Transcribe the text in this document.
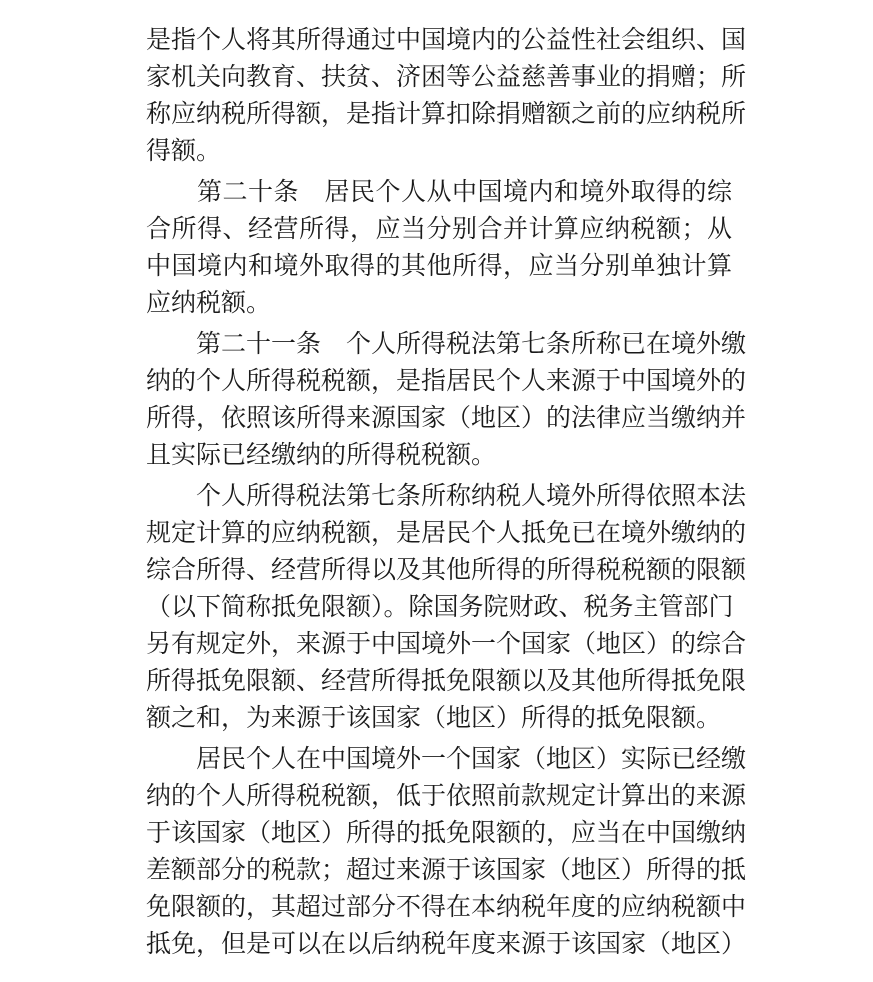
是指个人将其所得通过中国境内的公益性社会组织、国
家机关向教育、扶贫、济困等公益慈善事业的捐赠；所
称应纳税所得额，是指计算扣除捐赠额之前的应纳税所
得额。
　　第二十条　居民个人从中国境内和境外取得的综
合所得、经营所得，应当分别合并计算应纳税额；从
中国境内和境外取得的其他所得，应当分别单独计算
应纳税额。
　　第二十一条　个人所得税法第七条所称已在境外缴
纳的个人所得税税额，是指居民个人来源于中国境外的
所得，依照该所得来源国家（地区）的法律应当缴纳并
且实际已经缴纳的所得税税额。
　　个人所得税法第七条所称纳税人境外所得依照本法
规定计算的应纳税额，是居民个人抵免已在境外缴纳的
综合所得、经营所得以及其他所得的所得税税额的限额
（以下简称抵免限额）。除国务院财政、税务主管部门
另有规定外，来源于中国境外一个国家（地区）的综合
所得抵免限额、经营所得抵免限额以及其他所得抵免限
额之和，为来源于该国家（地区）所得的抵免限额。
　　居民个人在中国境外一个国家（地区）实际已经缴
纳的个人所得税税额，低于依照前款规定计算出的来源
于该国家（地区）所得的抵免限额的，应当在中国缴纳
差额部分的税款；超过来源于该国家（地区）所得的抵
免限额的，其超过部分不得在本纳税年度的应纳税额中
抵免，但是可以在以后纳税年度来源于该国家（地区）
